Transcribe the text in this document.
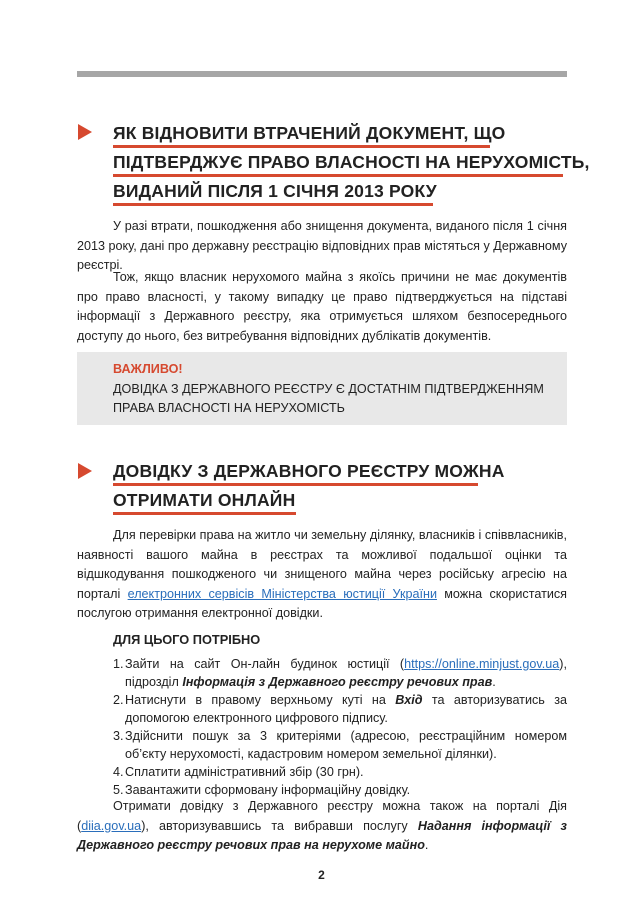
ЯК ВІДНОВИТИ ВТРАЧЕНИЙ ДОКУМЕНТ, ЩО
ПІДТВЕРДЖУЄ ПРАВО ВЛАСНОСТІ НА НЕРУХОМІСТЬ,
ВИДАНИЙ ПІСЛЯ 1 СІЧНЯ 2013 РОКУ
У разі втрати, пошкодження або знищення документа, виданого після 1 січня 2013 року, дані про державну реєстрацію відповідних прав містяться у Державному реєстрі.
Тож, якщо власник нерухомого майна з якоїсь причини не має документів про право власності, у такому випадку це право підтверджується на підставі інформації з Державного реєстру, яка отримується шляхом безпосереднього доступу до нього, без витребування відповідних дублікатів документів.
ВАЖЛИВО!
ДОВІДКА З ДЕРЖАВНОГО РЕЄСТРУ Є ДОСТАТНІМ ПІДТВЕРДЖЕННЯМ ПРАВА ВЛАСНОСТІ НА НЕРУХОМІСТЬ
ДОВІДКУ З ДЕРЖАВНОГО РЕЄСТРУ МОЖНА
ОТРИМАТИ ОНЛАЙН
Для перевірки права на житло чи земельну ділянку, власників і співвласників, наявності вашого майна в реєстрах та можливої подальшої оцінки та відшкодування пошкодженого чи знищеного майна через російську агресію на порталі електронних сервісів Міністерства юстиції України можна скористатися послугою отримання електронної довідки.
ДЛЯ ЦЬОГО ПОТРІБНО
1. Зайти на сайт Он-лайн будинок юстиції (https://online.minjust.gov.ua), підрозділ Інформація з Державного реєстру речових прав.
2. Натиснути в правому верхньому куті на Вхід та авторизуватись за допомогою електронного цифрового підпису.
3. Здійснити пошук за 3 критеріями (адресою, реєстраційним номером об’єкту нерухомості, кадастровим номером земельної ділянки).
4. Сплатити адміністративний збір (30 грн).
5. Завантажити сформовану інформаційну довідку.
Отримати довідку з Державного реєстру можна також на порталі Дія (diia.gov.ua), авторизувавшись та вибравши послугу Надання інформації з Державного реєстру речових прав на нерухоме майно.
2
